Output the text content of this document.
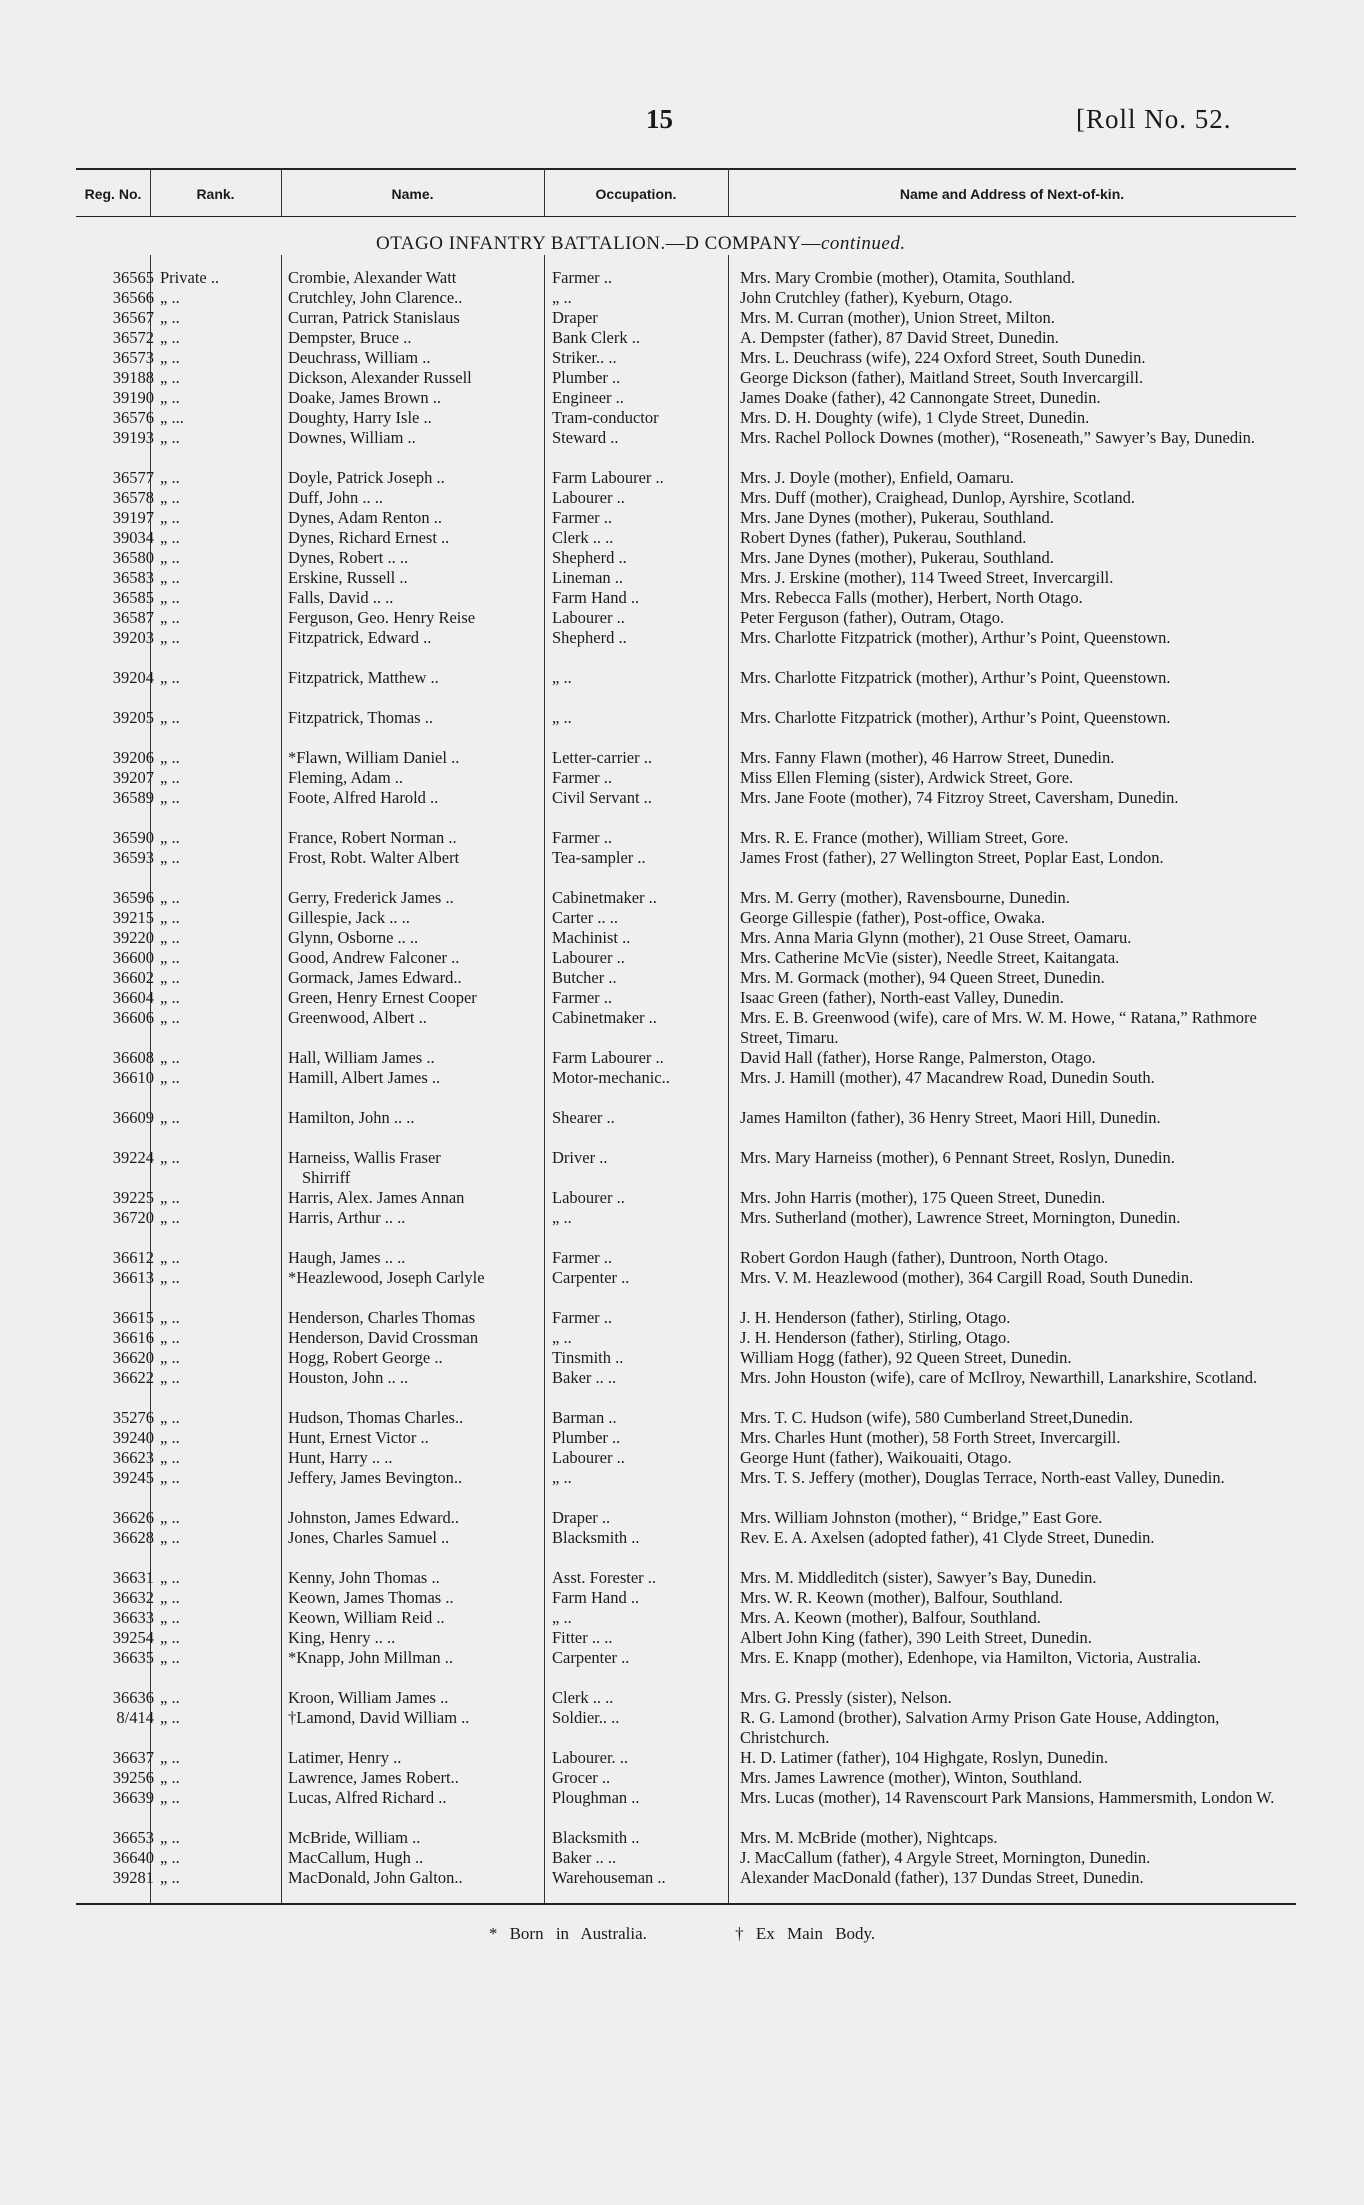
15	[Roll No. 52.
Reg. No.	Rank.	Name.	Occupation.	Name and Address of Next-of-kin.
OTAGO INFANTRY BATTALION.—D COMPANY—continued.
36565 Private ..	Crombie, Alexander Watt	Farmer ..	Mrs. Mary Crombie (mother), Otamita, Southland.
36566 „ ..	Crutchley, John Clarence..	„ ..	John Crutchley (father), Kyeburn, Otago.
36567 „ ..	Curran, Patrick Stanislaus	Draper	Mrs. M. Curran (mother), Union Street, Milton.
36572 „ ..	Dempster, Bruce ..	Bank Clerk ..	A. Dempster (father), 87 David Street, Dunedin.
36573 „ ..	Deuchrass, William ..	Striker.. ..	Mrs. L. Deuchrass (wife), 224 Oxford Street, South Dunedin.
39188 „ ..	Dickson, Alexander Russell	Plumber ..	George Dickson (father), Maitland Street, South Invercargill.
39190 „ ..	Doake, James Brown ..	Engineer ..	James Doake (father), 42 Cannongate Street, Dunedin.
36576 „ ...	Doughty, Harry Isle ..	Tram-conductor	Mrs. D. H. Doughty (wife), 1 Clyde Street, Dunedin.
39193 „ ..	Downes, William ..	Steward ..	Mrs. Rachel Pollock Downes (mother), “Roseneath,” Sawyer’s Bay, Dunedin.
36577 „ ..	Doyle, Patrick Joseph ..	Farm Labourer ..	Mrs. J. Doyle (mother), Enfield, Oamaru.
36578 „ ..	Duff, John .. ..	Labourer ..	Mrs. Duff (mother), Craighead, Dunlop, Ayrshire, Scotland.
39197 „ ..	Dynes, Adam Renton ..	Farmer ..	Mrs. Jane Dynes (mother), Pukerau, Southland.
39034 „ ..	Dynes, Richard Ernest ..	Clerk .. ..	Robert Dynes (father), Pukerau, Southland.
36580 „ ..	Dynes, Robert .. ..	Shepherd ..	Mrs. Jane Dynes (mother), Pukerau, Southland.
36583 „ ..	Erskine, Russell ..	Lineman ..	Mrs. J. Erskine (mother), 114 Tweed Street, Invercargill.
36585 „ ..	Falls, David .. ..	Farm Hand ..	Mrs. Rebecca Falls (mother), Herbert, North Otago.
36587 „ ..	Ferguson, Geo. Henry Reise	Labourer ..	Peter Ferguson (father), Outram, Otago.
39203 „ ..	Fitzpatrick, Edward ..	Shepherd ..	Mrs. Charlotte Fitzpatrick (mother), Arthur’s Point, Queenstown.
39204 „ ..	Fitzpatrick, Matthew ..	„ ..	Mrs. Charlotte Fitzpatrick (mother), Arthur’s Point, Queenstown.
39205 „ ..	Fitzpatrick, Thomas ..	„ ..	Mrs. Charlotte Fitzpatrick (mother), Arthur’s Point, Queenstown.
39206 „ ..	*Flawn, William Daniel ..	Letter-carrier ..	Mrs. Fanny Flawn (mother), 46 Harrow Street, Dunedin.
39207 „ ..	Fleming, Adam ..	Farmer ..	Miss Ellen Fleming (sister), Ardwick Street, Gore.
36589 „ ..	Foote, Alfred Harold ..	Civil Servant ..	Mrs. Jane Foote (mother), 74 Fitzroy Street, Caversham, Dunedin.
36590 „ ..	France, Robert Norman ..	Farmer ..	Mrs. R. E. France (mother), William Street, Gore.
36593 „ ..	Frost, Robt. Walter Albert	Tea-sampler ..	James Frost (father), 27 Wellington Street, Poplar East, London.
36596 „ ..	Gerry, Frederick James ..	Cabinetmaker ..	Mrs. M. Gerry (mother), Ravensbourne, Dunedin.
39215 „ ..	Gillespie, Jack .. ..	Carter .. ..	George Gillespie (father), Post-office, Owaka.
39220 „ ..	Glynn, Osborne .. ..	Machinist ..	Mrs. Anna Maria Glynn (mother), 21 Ouse Street, Oamaru.
36600 „ ..	Good, Andrew Falconer ..	Labourer ..	Mrs. Catherine McVie (sister), Needle Street, Kaitangata.
36602 „ ..	Gormack, James Edward..	Butcher ..	Mrs. M. Gormack (mother), 94 Queen Street, Dunedin.
36604 „ ..	Green, Henry Ernest Cooper	Farmer ..	Isaac Green (father), North-east Valley, Dunedin.
36606 „ ..	Greenwood, Albert ..	Cabinetmaker ..	Mrs. E. B. Greenwood (wife), care of Mrs. W. M. Howe, “ Ratana,” Rathmore Street, Timaru.
36608 „ ..	Hall, William James ..	Farm Labourer ..	David Hall (father), Horse Range, Palmerston, Otago.
36610 „ ..	Hamill, Albert James ..	Motor-mechanic..	Mrs. J. Hamill (mother), 47 Macandrew Road, Dunedin South.
36609 „ ..	Hamilton, John .. ..	Shearer ..	James Hamilton (father), 36 Henry Street, Maori Hill, Dunedin.
39224 „ ..	Harneiss, Wallis Fraser	Driver ..	Mrs. Mary Harneiss (mother), 6 Pennant Street, Roslyn, Dunedin.
Shirriff
39225 „ ..	Harris, Alex. James Annan	Labourer ..	Mrs. John Harris (mother), 175 Queen Street, Dunedin.
36720 „ ..	Harris, Arthur .. ..	„ ..	Mrs. Sutherland (mother), Lawrence Street, Mornington, Dunedin.
36612 „ ..	Haugh, James .. ..	Farmer ..	Robert Gordon Haugh (father), Duntroon, North Otago.
36613 „ ..	*Heazlewood, Joseph Carlyle	Carpenter ..	Mrs. V. M. Heazlewood (mother), 364 Cargill Road, South Dunedin.
36615 „ ..	Henderson, Charles Thomas	Farmer ..	J. H. Henderson (father), Stirling, Otago.
36616 „ ..	Henderson, David Crossman	„ ..	J. H. Henderson (father), Stirling, Otago.
36620 „ ..	Hogg, Robert George ..	Tinsmith ..	William Hogg (father), 92 Queen Street, Dunedin.
36622 „ ..	Houston, John .. ..	Baker .. ..	Mrs. John Houston (wife), care of McIlroy, Newarthill, Lanarkshire, Scotland.
35276 „ ..	Hudson, Thomas Charles..	Barman ..	Mrs. T. C. Hudson (wife), 580 Cumberland Street,Dunedin.
39240 „ ..	Hunt, Ernest Victor ..	Plumber ..	Mrs. Charles Hunt (mother), 58 Forth Street, Invercargill.
36623 „ ..	Hunt, Harry .. ..	Labourer ..	George Hunt (father), Waikouaiti, Otago.
39245 „ ..	Jeffery, James Bevington..	„ ..	Mrs. T. S. Jeffery (mother), Douglas Terrace, North-east Valley, Dunedin.
36626 „ ..	Johnston, James Edward..	Draper ..	Mrs. William Johnston (mother), “ Bridge,” East Gore.
36628 „ ..	Jones, Charles Samuel ..	Blacksmith ..	Rev. E. A. Axelsen (adopted father), 41 Clyde Street, Dunedin.
36631 „ ..	Kenny, John Thomas ..	Asst. Forester ..	Mrs. M. Middleditch (sister), Sawyer’s Bay, Dunedin.
36632 „ ..	Keown, James Thomas ..	Farm Hand ..	Mrs. W. R. Keown (mother), Balfour, Southland.
36633 „ ..	Keown, William Reid ..	„ ..	Mrs. A. Keown (mother), Balfour, Southland.
39254 „ ..	King, Henry .. ..	Fitter .. ..	Albert John King (father), 390 Leith Street, Dunedin.
36635 „ ..	*Knapp, John Millman ..	Carpenter ..	Mrs. E. Knapp (mother), Edenhope, via Hamilton, Victoria, Australia.
36636 „ ..	Kroon, William James ..	Clerk .. ..	Mrs. G. Pressly (sister), Nelson.
8/414 „ ..	†Lamond, David William ..	Soldier.. ..	R. G. Lamond (brother), Salvation Army Prison Gate House, Addington, Christchurch.
36637 „ ..	Latimer, Henry ..	Labourer. ..	H. D. Latimer (father), 104 Highgate, Roslyn, Dunedin.
39256 „ ..	Lawrence, James Robert..	Grocer ..	Mrs. James Lawrence (mother), Winton, Southland.
36639 „ ..	Lucas, Alfred Richard ..	Ploughman ..	Mrs. Lucas (mother), 14 Ravenscourt Park Mansions, Hammersmith, London W.
36653 „ ..	McBride, William ..	Blacksmith ..	Mrs. M. McBride (mother), Nightcaps.
36640 „ ..	MacCallum, Hugh ..	Baker .. ..	J. MacCallum (father), 4 Argyle Street, Mornington, Dunedin.
39281 „ ..	MacDonald, John Galton..	Warehouseman ..	Alexander MacDonald (father), 137 Dundas Street, Dunedin.
* Born in Australia.	† Ex Main Body.
